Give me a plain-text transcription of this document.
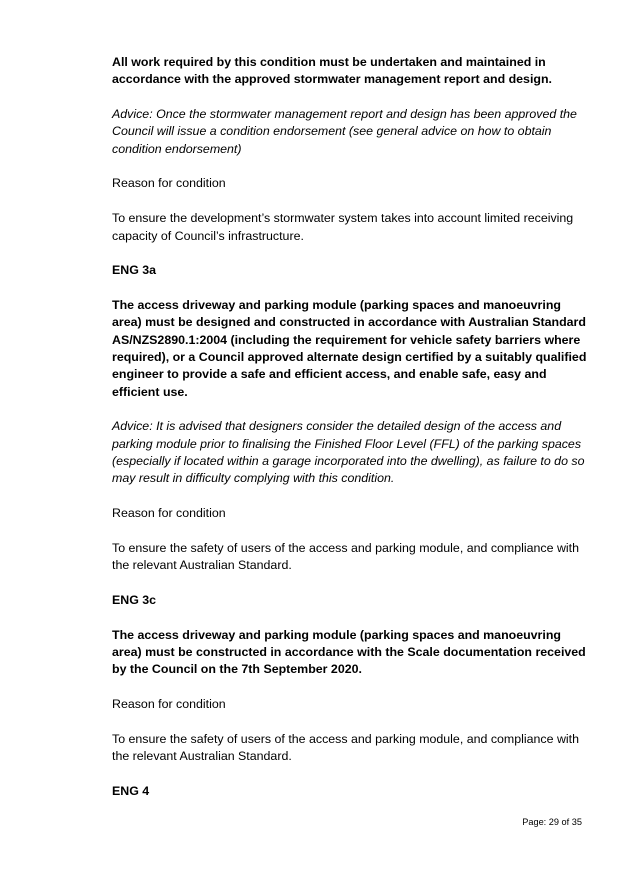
All work required by this condition must be undertaken and maintained in accordance with the approved stormwater management report and design.

Advice: Once the stormwater management report and design has been approved the Council will issue a condition endorsement (see general advice on how to obtain condition endorsement)

Reason for condition

To ensure the development’s stormwater system takes into account limited receiving capacity of Council’s infrastructure.

ENG 3a

The access driveway and parking module (parking spaces and manoeuvring area) must be designed and constructed in accordance with Australian Standard AS/NZS2890.1:2004 (including the requirement for vehicle safety barriers where required), or a Council approved alternate design certified by a suitably qualified engineer to provide a safe and efficient access, and enable safe, easy and efficient use.

Advice: It is advised that designers consider the detailed design of the access and parking module prior to finalising the Finished Floor Level (FFL) of the parking spaces (especially if located within a garage incorporated into the dwelling), as failure to do so may result in difficulty complying with this condition.

Reason for condition

To ensure the safety of users of the access and parking module, and compliance with the relevant Australian Standard.

ENG 3c

The access driveway and parking module (parking spaces and manoeuvring area) must be constructed in accordance with the Scale documentation received by the Council on the 7th September 2020.

Reason for condition

To ensure the safety of users of the access and parking module, and compliance with the relevant Australian Standard.

ENG 4

Page: 29 of 35
